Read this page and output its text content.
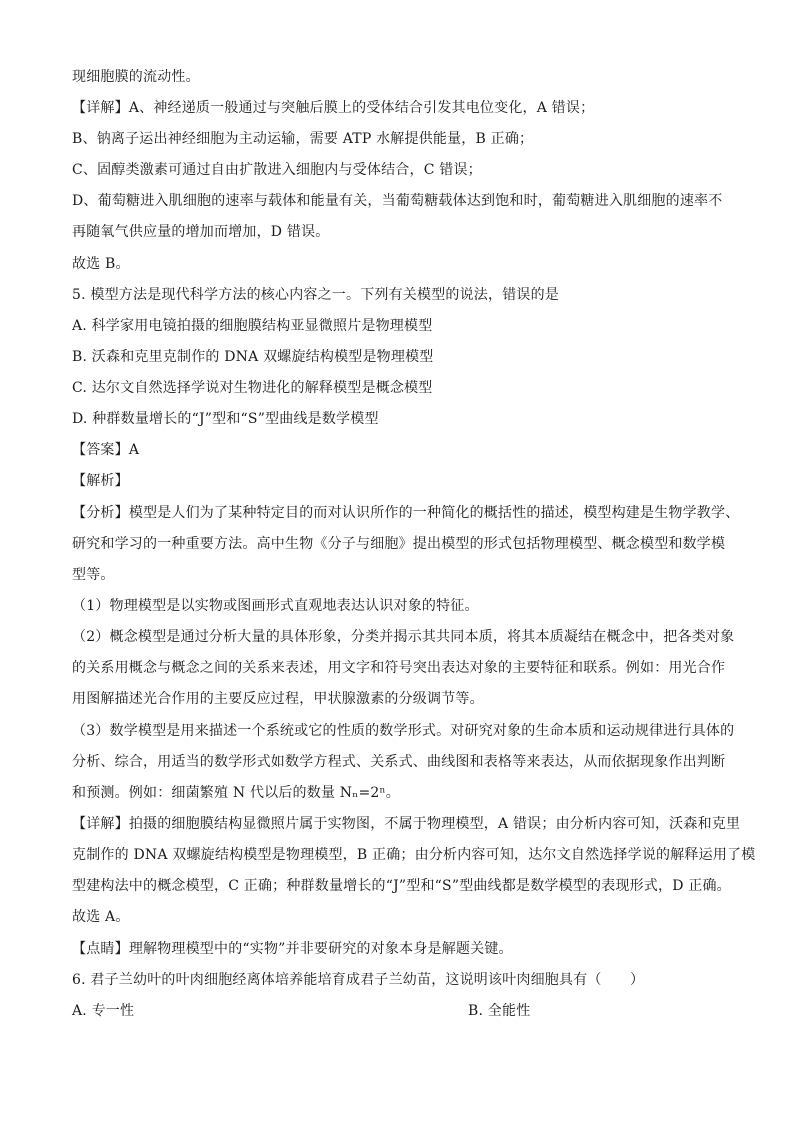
现细胞膜的流动性。
【 详解 】 A、神经递质一般通过与突触后膜上的受体结合引发其电位变化，A 错误；
B、钠离子运出神经细胞为主动运输，需要 ATP 水解提供能量，B 正确；
C、固醇类激素可通过自由扩散进入细胞内与受体结合，C 错误；
D、葡萄糖进入肌细胞的速率与载体和能量有关，当葡萄糖载体达到饱和时，葡萄糖进入肌细胞的速率不
再随氧气供应量的增加而增加，D 错误。
故选 B。
5. 模型方法是现代科学方法的核心内容之一。下列有关模型的说法，错误的是
A. 科学家用电镜拍摄的细胞膜结构亚显微照片是物理模型
B. 沃森和克里克制作的 DNA 双螺旋结构模型是物理模型
C. 达尔文自然选择学说对生物进化的解释模型是概念模型
D. 种群数量增长的“J”型和“S”型曲线是数学模型
【 答案 】 A
【 解析 】
【 分析 】 模型是人们为了某种特定目的而对认识所作的一种简化的概括性的描述，模型构建是生物学教学、
研究和学习的一种重要方法。高中生物《分子与细胞》提出模型的形式包括物理模型、概念模型和数学模
型等。
（1）物理模型是以实物或图画形式直观地表达认识对象的特征。
（2）概念模型是通过分析大量的具体形象，分类并揭示其共同本质，将其本质凝结在概念中，把各类对象
的关系用概念与概念之间的关系来表述，用文字和符号突出表达对象的主要特征和联系。例如：用光合作
用图解描述光合作用的主要反应过程，甲状腺激素的分级调节等。
（3）数学模型是用来描述一个系统或它的性质的数学形式。对研究对象的生命本质和运动规律进行具体的
分析、综合，用适当的数学形式如数学方程式、关系式、曲线图和表格等来表达，从而依据现象作出判断
和预测。例如：细菌繁殖 N 代以后的数量 Nₙ=2ⁿ。
【 详解 】 拍摄的细胞膜结构显微照片属于实物图，不属于物理模型，A 错误；由分析内容可知，沃森和克里
克制作的 DNA 双螺旋结构模型是物理模型，B 正确；由分析内容可知，达尔文自然选择学说的解释运用了模
型建构法中的概念模型，C 正确；种群数量增长的“J”型和“S”型曲线都是数学模型的表现形式，D 正确。
故选 A。
【 点睛 】 理解物理模型中的“实物”并非要研究的对象本身是解题关键。
6. 君子兰幼叶的叶肉细胞经离体培养能培育成君子兰幼苗，这说明该叶肉细胞具有（　　）
A. 专一性	B. 全能性
